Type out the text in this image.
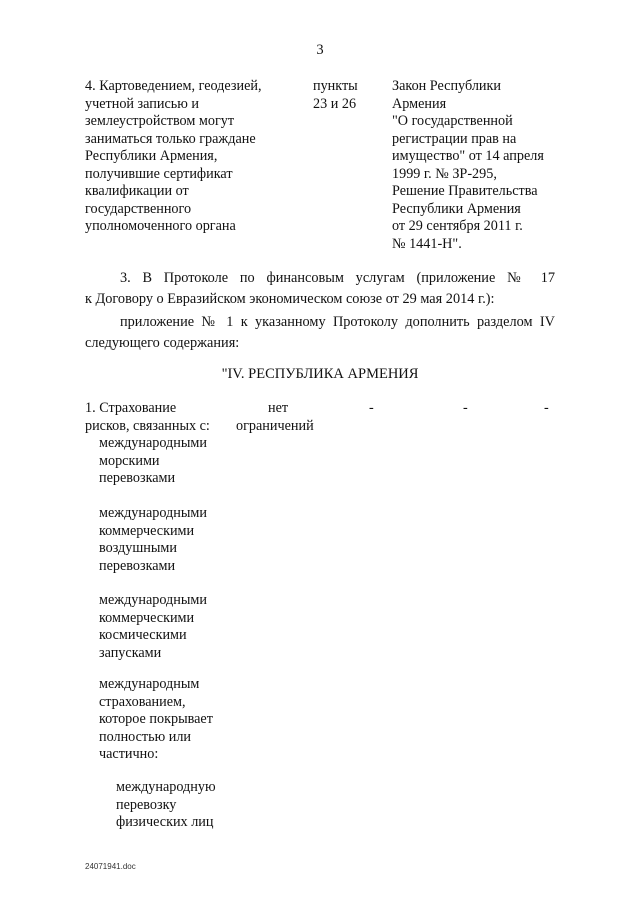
3
4. Картоведением, геодезией,
учетной записью и
землеустройством могут
заниматься только граждане
Республики Армения,
получившие сертификат
квалификации от
государственного
уполномоченного органа
пункты
23 и 26
Закон Республики
Армения
"О государственной
регистрации прав на
имущество" от 14 апреля
1999 г. № ЗР-295,
Решение Правительства
Республики Армения
от 29 сентября 2011 г.
№ 1441-Н".
3. В Протоколе по финансовым услугам (приложение № 17
к Договору о Евразийском экономическом союзе от 29 мая 2014 г.):
приложение № 1 к указанному Протоколу дополнить разделом IV
следующего содержания:
"IV. РЕСПУБЛИКА АРМЕНИЯ
1. Страхование
рисков, связанных с:
нет
ограничений
-	-	-
международными
морскими
перевозками
международными
коммерческими
воздушными
перевозками
международными
коммерческими
космическими
запусками
международным
страхованием,
которое покрывает
полностью или
частично:
международную
перевозку
физических лиц
24071941.doc
